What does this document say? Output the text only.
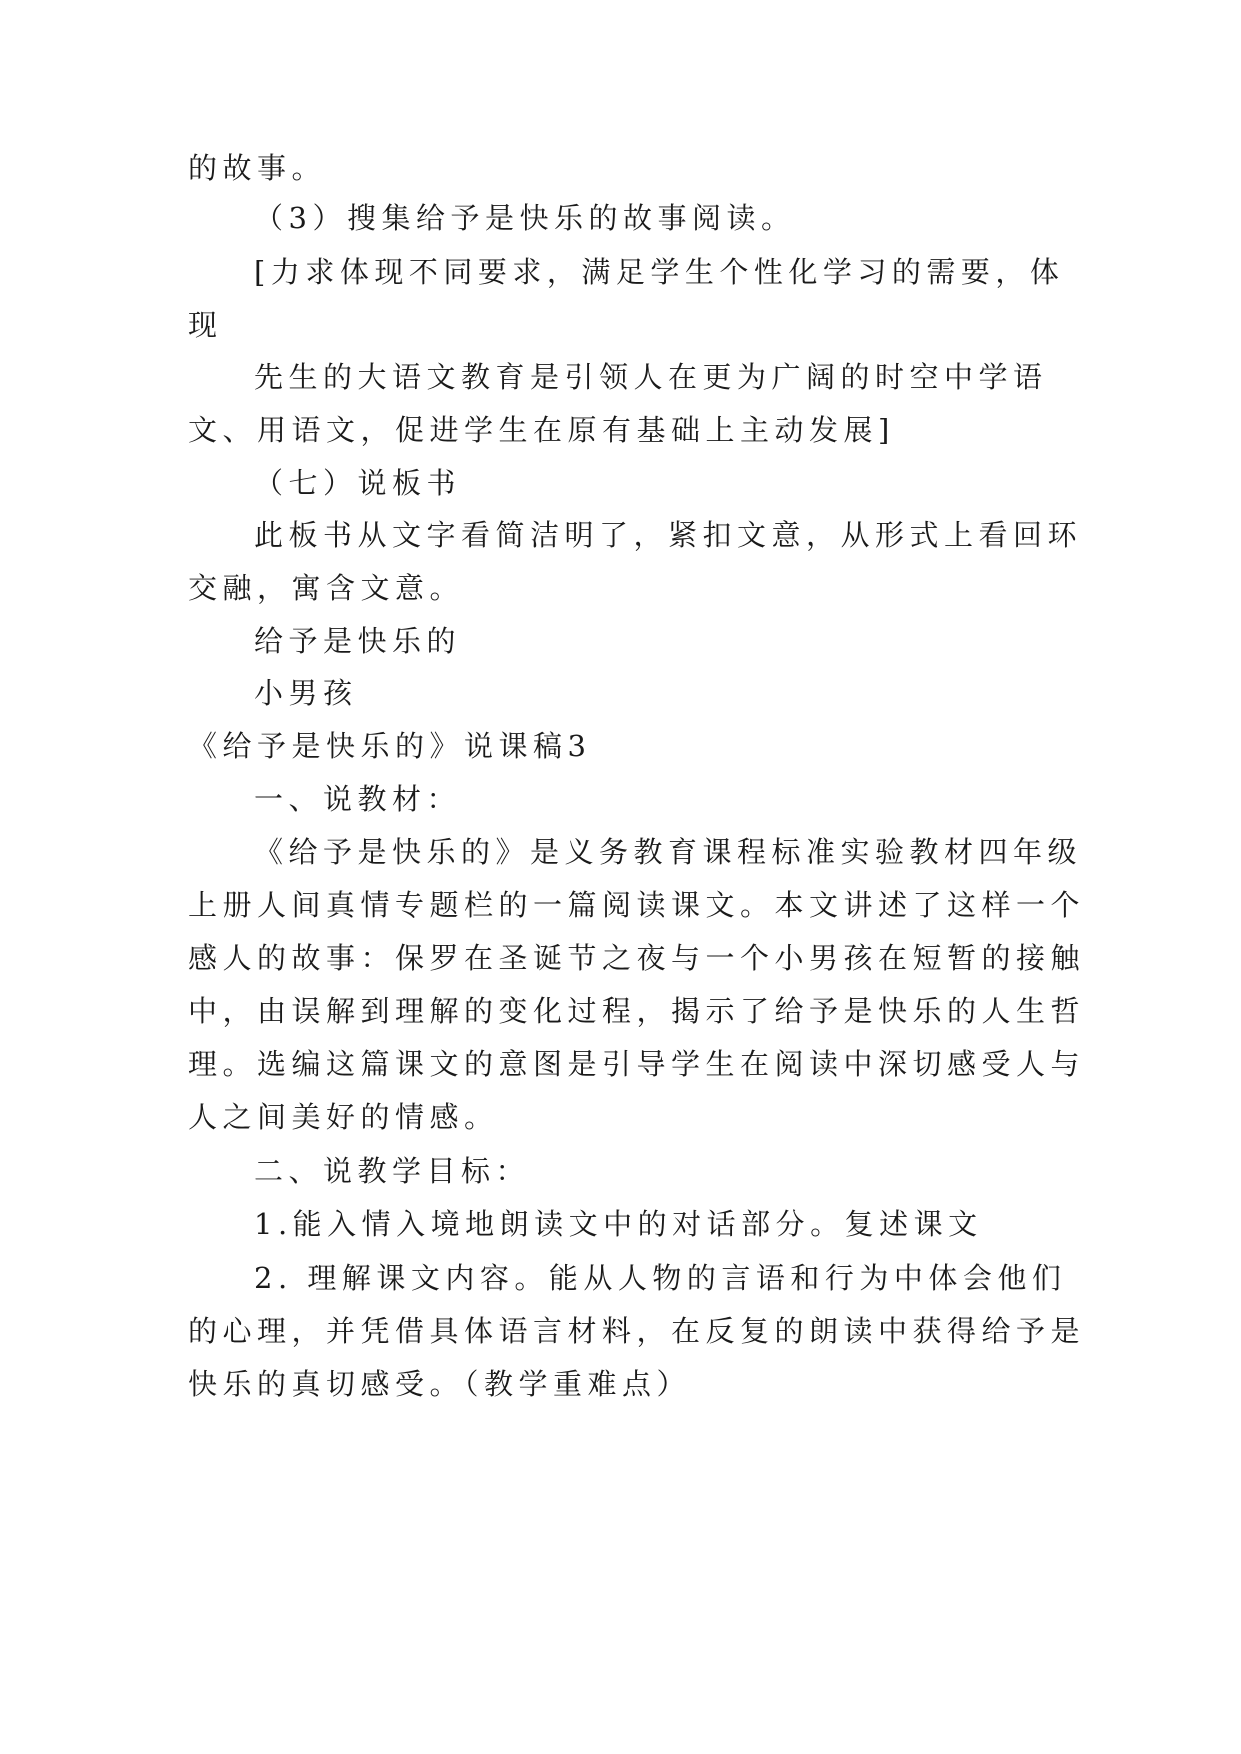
的故事。
（3）搜集给予是快乐的故事阅读。
[力求体现不同要求，满足学生个性化学习的需要，体
现
先生的大语文教育是引领人在更为广阔的时空中学语
文、用语文，促进学生在原有基础上主动发展]
（七）说板书
此板书从文字看简洁明了，紧扣文意，从形式上看回环
交融，寓含文意。
给予是快乐的
小男孩
《给予是快乐的》说课稿3
一、说教材：
《给予是快乐的》是义务教育课程标准实验教材四年级
上册人间真情专题栏的一篇阅读课文。本文讲述了这样一个
感人的故事：保罗在圣诞节之夜与一个小男孩在短暂的接触
中，由误解到理解的变化过程，揭示了给予是快乐的人生哲
理。选编这篇课文的意图是引导学生在阅读中深切感受人与
人之间美好的情感。
二、说教学目标：
1.能入情入境地朗读文中的对话部分。复述课文
2. 理解课文内容。能从人物的言语和行为中体会他们
的心理，并凭借具体语言材料，在反复的朗读中获得给予是
快乐的真切感受。（教学重难点）
